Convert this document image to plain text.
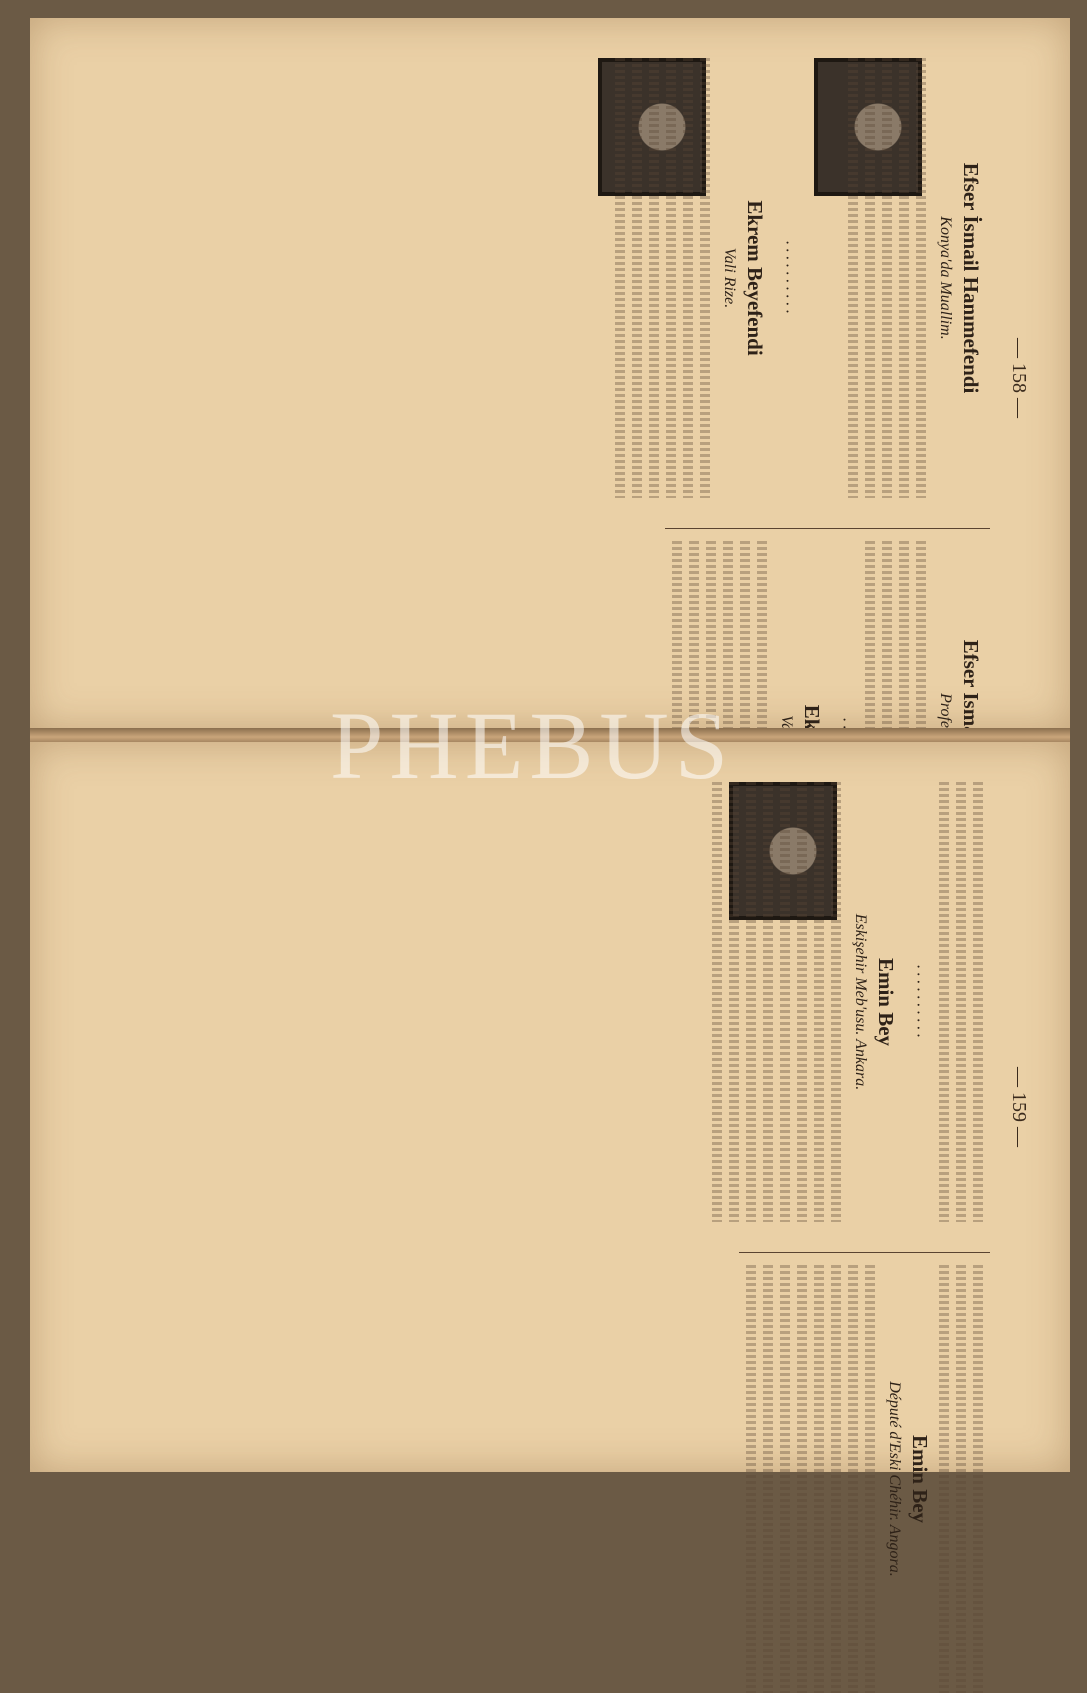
— 158 —
Efser İsmail Hanımefendi
Konya'da Muallim.
··········
Ekrem Beyefendi
Vali Rize.
— 159 —
··········
Emin Bey
Eskişehir Meb'usu. Ankara.
Emin Bey
Député d'Eski Chéhir. Angora.
PHEBUS
